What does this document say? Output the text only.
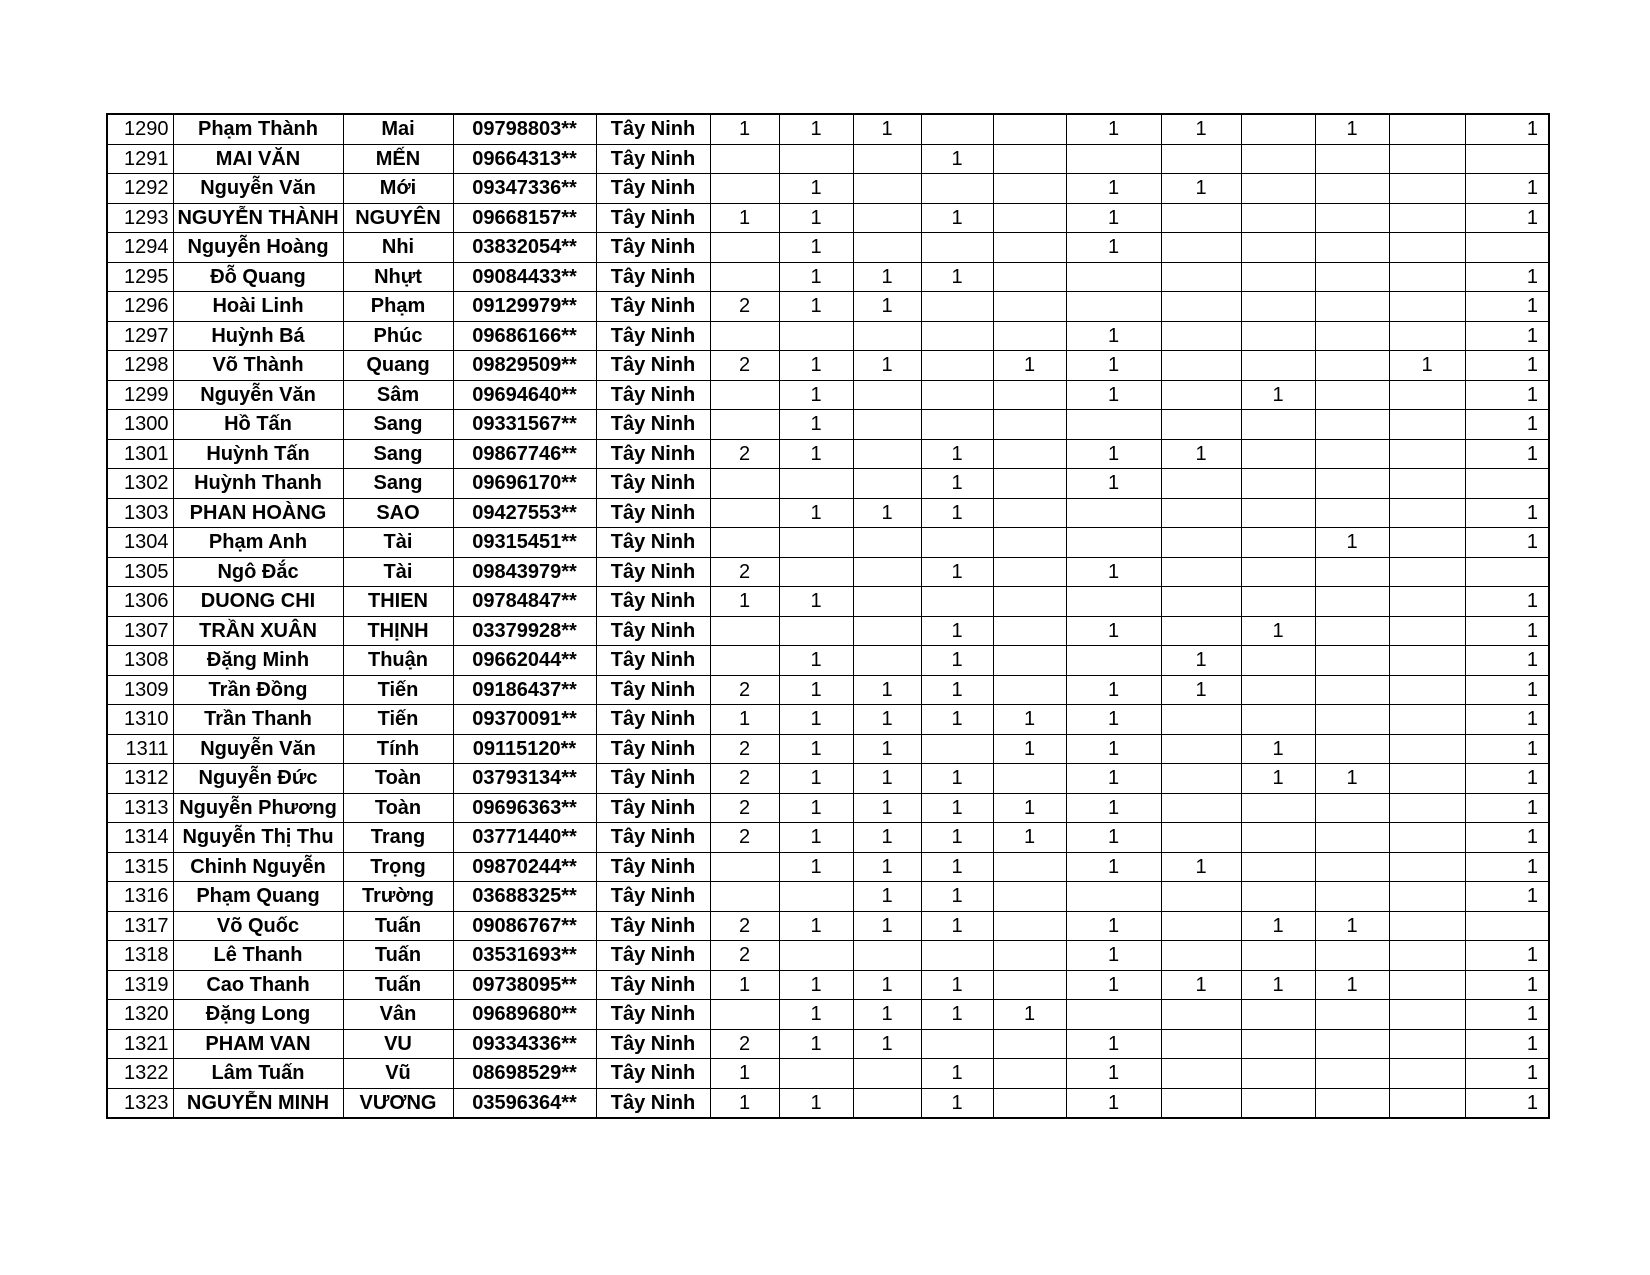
1290	Phạm Thành	Mai	09798803**	Tây Ninh	1	1	1			1	1		1		1
1291	MAI VĂN	MẾN	09664313**	Tây Ninh				1							
1292	Nguyễn Văn	Mới	09347336**	Tây Ninh		1				1	1				1
1293	NGUYỄN THÀNH	NGUYÊN	09668157**	Tây Ninh	1	1		1		1					1
1294	Nguyễn Hoàng	Nhi	03832054**	Tây Ninh		1				1					
1295	Đỗ Quang	Nhựt	09084433**	Tây Ninh		1	1	1							1
1296	Hoài Linh	Phạm	09129979**	Tây Ninh	2	1	1								1
1297	Huỳnh Bá	Phúc	09686166**	Tây Ninh						1					1
1298	Võ Thành	Quang	09829509**	Tây Ninh	2	1	1		1	1				1	1
1299	Nguyễn Văn	Sâm	09694640**	Tây Ninh		1				1		1			1
1300	Hồ Tấn	Sang	09331567**	Tây Ninh		1									1
1301	Huỳnh Tấn	Sang	09867746**	Tây Ninh	2	1		1		1	1				1
1302	Huỳnh Thanh	Sang	09696170**	Tây Ninh				1		1					
1303	PHAN HOÀNG	SAO	09427553**	Tây Ninh		1	1	1							1
1304	Phạm Anh	Tài	09315451**	Tây Ninh									1		1
1305	Ngô Đắc	Tài	09843979**	Tây Ninh	2			1		1					
1306	DUONG CHI	THIEN	09784847**	Tây Ninh	1	1									1
1307	TRẦN XUÂN	THỊNH	03379928**	Tây Ninh				1		1		1			1
1308	Đặng Minh	Thuận	09662044**	Tây Ninh		1		1			1				1
1309	Trần Đồng	Tiến	09186437**	Tây Ninh	2	1	1	1		1	1				1
1310	Trần Thanh	Tiến	09370091**	Tây Ninh	1	1	1	1	1	1					1
1311	Nguyễn Văn	Tính	09115120**	Tây Ninh	2	1	1		1	1		1			1
1312	Nguyễn Đức	Toàn	03793134**	Tây Ninh	2	1	1	1		1		1	1		1
1313	Nguyễn Phương	Toàn	09696363**	Tây Ninh	2	1	1	1	1	1					1
1314	Nguyễn Thị Thu	Trang	03771440**	Tây Ninh	2	1	1	1	1	1					1
1315	Chinh Nguyễn	Trọng	09870244**	Tây Ninh		1	1	1		1	1				1
1316	Phạm Quang	Trường	03688325**	Tây Ninh			1	1							1
1317	Võ Quốc	Tuấn	09086767**	Tây Ninh	2	1	1	1		1		1	1		
1318	Lê Thanh	Tuấn	03531693**	Tây Ninh	2					1					1
1319	Cao Thanh	Tuấn	09738095**	Tây Ninh	1	1	1	1		1	1	1	1		1
1320	Đặng Long	Vân	09689680**	Tây Ninh		1	1	1	1						1
1321	PHAM VAN	VU	09334336**	Tây Ninh	2	1	1			1					1
1322	Lâm Tuấn	Vũ	08698529**	Tây Ninh	1			1		1					1
1323	NGUYỄN MINH	VƯƠNG	03596364**	Tây Ninh	1	1		1		1					1
